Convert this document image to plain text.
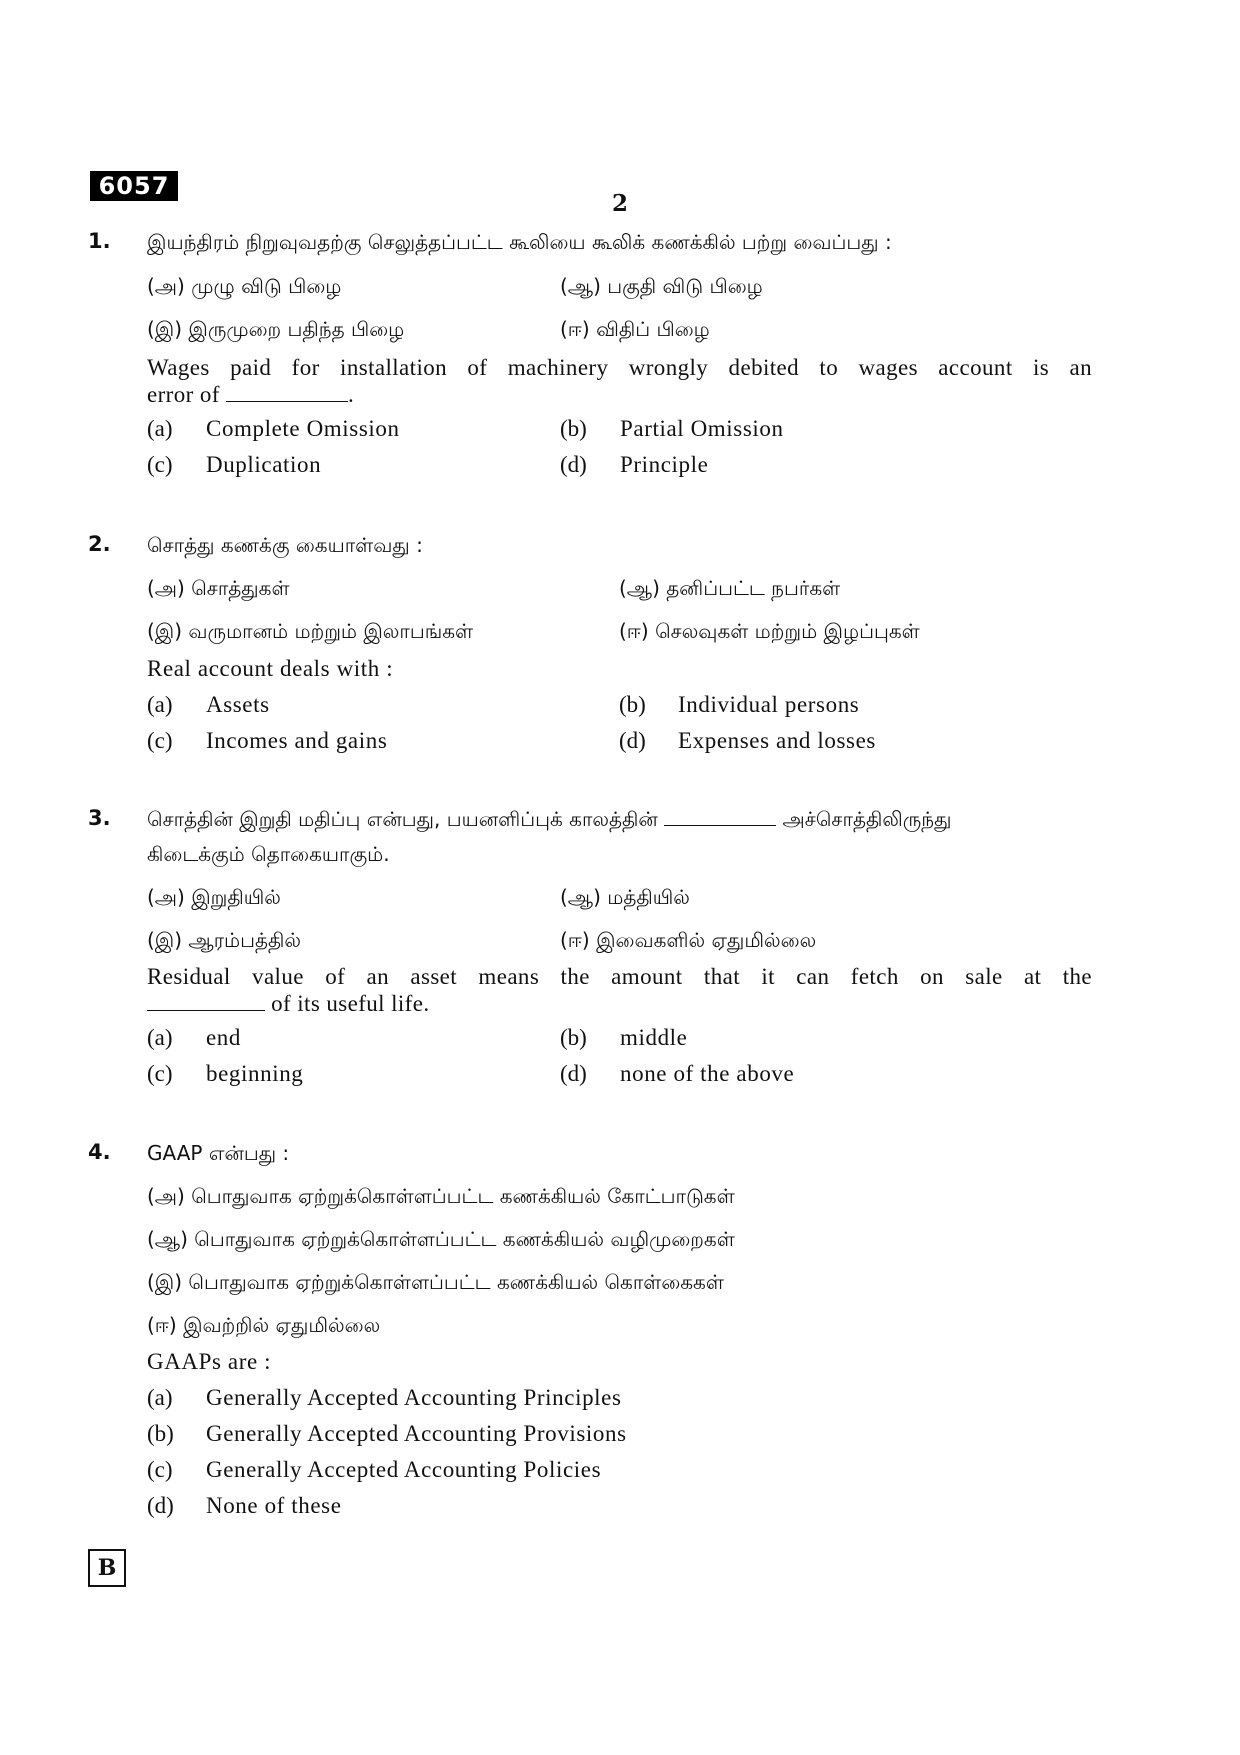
6057
2
1. இயந்திரம் நிறுவுவதற்கு செலுத்தப்பட்ட கூலியை கூலிக் கணக்கில் பற்று வைப்பது :
(அ) முழு விடு பிழை	(ஆ) பகுதி விடு பிழை
(இ) இருமுறை பதிந்த பிழை	(ஈ) விதிப் பிழை
Wages paid for installation of machinery wrongly debited to wages account is an
error of	.
(a) Complete Omission	(b) Partial Omission
(c) Duplication	(d) Principle
2. சொத்து கணக்கு கையாள்வது :
(அ) சொத்துகள்	(ஆ) தனிப்பட்ட நபர்கள்
(இ) வருமானம் மற்றும் இலாபங்கள்	(ஈ) செலவுகள் மற்றும் இழப்புகள்
Real account deals with :
(a) Assets	(b) Individual persons
(c) Incomes and gains	(d) Expenses and losses
3. சொத்தின் இறுதி மதிப்பு என்பது, பயனளிப்புக் காலத்தின்	அச்சொத்திலிருந்து
கிடைக்கும் தொகையாகும்.
(அ) இறுதியில்	(ஆ) மத்தியில்
(இ) ஆரம்பத்தில்	(ஈ) இவைகளில் ஏதுமில்லை
Residual value of an asset means the amount that it can fetch on sale at the
of its useful life.
(a) end	(b) middle
(c) beginning	(d) none of the above
4. GAAP என்பது :
(அ) பொதுவாக ஏற்றுக்கொள்ளப்பட்ட கணக்கியல் கோட்பாடுகள்
(ஆ) பொதுவாக ஏற்றுக்கொள்ளப்பட்ட கணக்கியல் வழிமுறைகள்
(இ) பொதுவாக ஏற்றுக்கொள்ளப்பட்ட கணக்கியல் கொள்கைகள்
(ஈ) இவற்றில் ஏதுமில்லை
GAAPs are :
(a) Generally Accepted Accounting Principles
(b) Generally Accepted Accounting Provisions
(c) Generally Accepted Accounting Policies
(d) None of these
B
